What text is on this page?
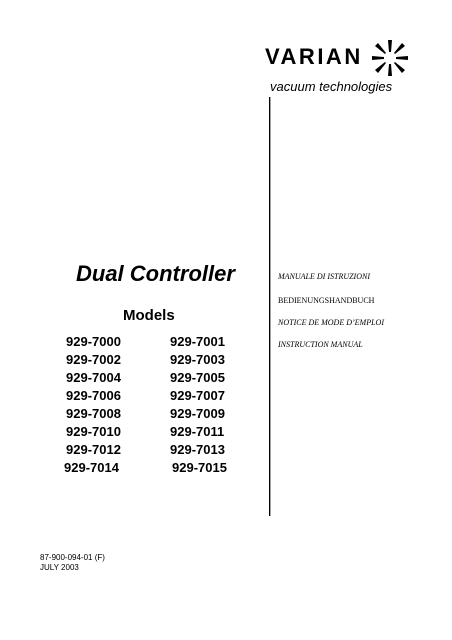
VARIAN
vacuum technologies
Dual Controller
Models
929-7000	929-7001
929-7002	929-7003
929-7004	929-7005
929-7006	929-7007
929-7008	929-7009
929-7010	929-7011
929-7012	929-7013
929-7014	929-7015
MANUALE DI ISTRUZIONI
BEDIENUNGSHANDBUCH
NOTICE DE MODE D’EMPLOI
INSTRUCTION MANUAL
87-900-094-01 (F)
JULY 2003
